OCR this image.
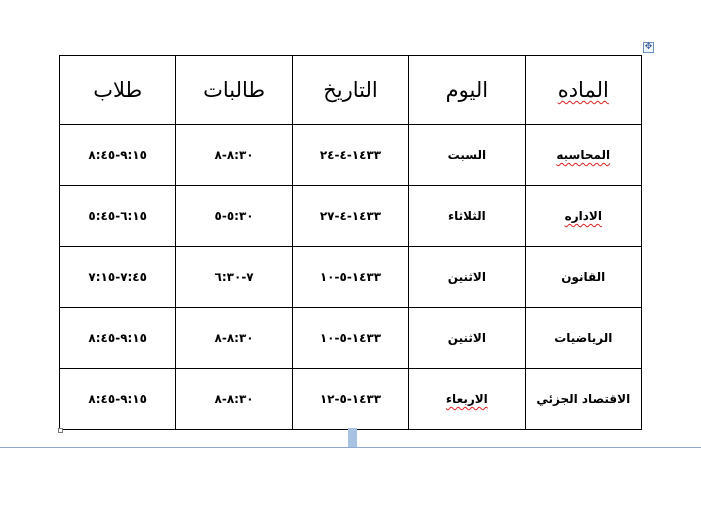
✥
طلاب	طالبات	التاريخ	اليوم	الماده
٩:١٥-٨:٤٥	٨:٣٠-٨	١٤٣٣-٤-٢٤	السبت	المحاسبه
٦:١٥-٥:٤٥	٥:٣٠-٥	١٤٣٣-٤-٢٧	الثلاثاء	الاداره
٧:٤٥-٧:١٥	٧-٦:٣٠	١٤٣٣-٥-١٠	الاثنين	القانون
٩:١٥-٨:٤٥	٨:٣٠-٨	١٤٣٣-٥-١٠	الاثنين	الرياضيات
٩:١٥-٨:٤٥	٨:٣٠-٨	١٤٣٣-٥-١٢	الاربعاء	الاقتصاد الجزئي
